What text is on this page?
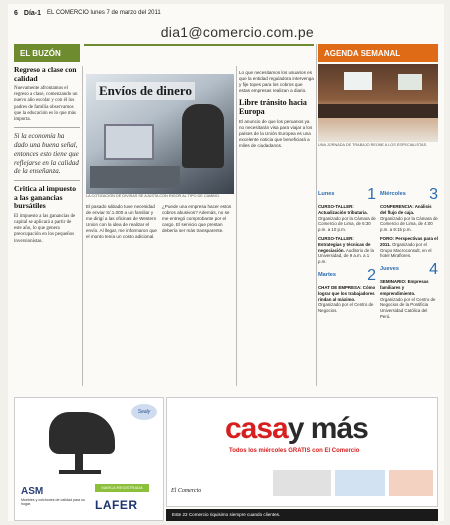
6 Día-1 EL COMERCIO lunes 7 de marzo del 2011
EL BUZÓN	AGENDA SEMANAL
dia1@comercio.com.pe
Regreso a clase con calidad
Nuevamente afrontamos el regreso a clase, comenzando un nuevo año escolar y con él los padres de familia observamos que la educación es lo que más importa.
Si la economía ha dado una buena señal, entonces esto tiene que reflejarse en la calidad de la enseñanza.
Critica al impuesto a las ganancias bursátiles
El impuesto a las ganancias de capital se aplicará a partir de este año, lo que genera preocupación en los pequeños inversionistas.
Envíos de dinero
LA COTIZACIÓN DE DIVISAS SE AJUSTA CON RIGOR AL TIPO DE CAMBIO.
El pasado sábado tuve necesidad de enviar S/.1.000 a un familiar y me dirigí a las oficinas de Western Union con la idea de realizar el envío. Al llegar, me informaron que el monto tenía un costo adicional.
¿Puede una empresa hacer estos cobros abusivos? Además, no se me entregó comprobante por el cargo. El servicio que prestan debería ser más transparente.
Lo que necesitamos los usuarios es que la entidad reguladora intervenga y fije topes para los cobros que estas empresas realizan a diario.
Libre tránsito hacia Europa
El anuncio de que los peruanos ya no necesitarán visa para viajar a los países de la Unión Europea es una excelente noticia que beneficiará a miles de ciudadanos.	UNA JORNADA DE TRABAJO REÚNE A LOS ESPECIALISTAS.
Lunes 1
CURSO-TALLER: Actualización tributaria. Organizado por la Cámara de Comercio de Lima, de 6:30 p.m. a 10 p.m.
CURSO-TALLER: Estrategias y técnicas de negociación. Auditorio de la Universidad, de 9 a.m. a 1 p.m.
Martes 2
CHAT DE EMPRESA: Cómo lograr que los trabajadores rindan al máximo. Organizado por el Centro de Negocios.
Miércoles 3
CONFERENCIA: Análisis del flujo de caja. Organizado por la Cámara de Comercio de Lima, de 4:00 p.m. a 9:15 p.m.
FORO: Perspectivas para el 2011. Organizado por el Grupo Macroconsult, en el hotel Miraflores.
Jueves 4
SEMINARIO: Empresas familiares y emprendimiento. Organizado por el Centro de Negocios de la Pontificia Universidad Católica del Perú.
Sealy
ASM	MARCA REGISTRADA
LAFER
Muebles y colchones de calidad para su hogar.
casay más
Todos los miércoles GRATIS con El Comercio
El Comercio
Este 22 Comercio riquisimo siempre cuando clientes.
